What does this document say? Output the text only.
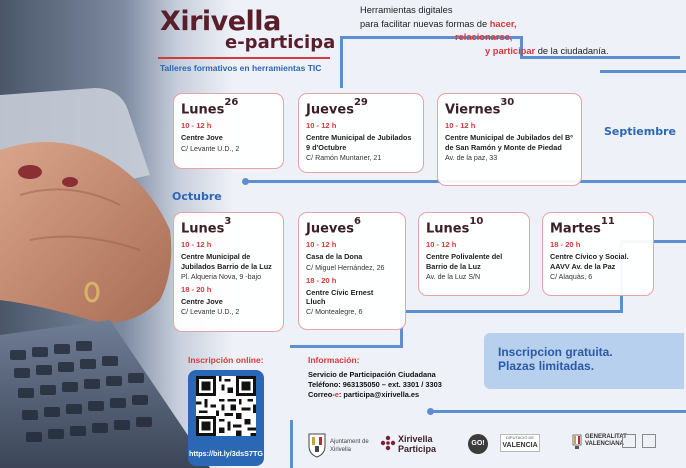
Xirivella
e-participa
Talleres formativos en herramientas TIC
Herramientas digitales
para facilitar nuevas formas de hacer,
relacionarse,
y participar de la ciudadanía.
Septiembre
Octubre
Lunes$^{26}$
10 - 12 h
Centre Jove
C/ Levante U.D., 2
Jueves$^{29}$
10 - 12 h
Centre Municipal de Jubilados 9 d'Octubre
C/ Ramón Muntaner, 21
Viernes$^{30}$
10 - 12 h
Centre Municipal de Jubilados del Bº de San Ramón y Monte de Piedad
Av. de la paz, 33
Lunes$^3$
10 - 12 h
Centre Municipal de Jubilados Barrio de la Luz
Pl. Alqueria Nova, 9 -bajo
18 - 20 h
Centre Jove
C/ Levante U.D., 2
Jueves$^6$
10 - 12 h
Casa de la Dona
C/ Miguel Hernández, 26
18 - 20 h
Centre Cívic Ernest Lluch
C/ Montealegre, 6
Lunes$^{10}$
10 - 12 h
Centre Polivalente del Barrio de la Luz
Av. de la Luz S/N
Martes$^{11}$
18 - 20 h
Centre Cívico y Social. AAVV Av. de la Paz
C/ Alaquàs, 6
Inscripción online:
https://bit.ly/3dsS7TG
Información:
Servicio de Participación Ciudadana
Teléfono: 963135050 – ext. 3301 / 3303
Correo-e: participa@xirivella.es
Inscripcion gratuita.
Plazas limitadas.
Ajuntament de Xirivella
Xirivella
Participa
GO!
DIPUTACIÓ DE
VALENCIA
GENERALITAT
VALENCIANA
